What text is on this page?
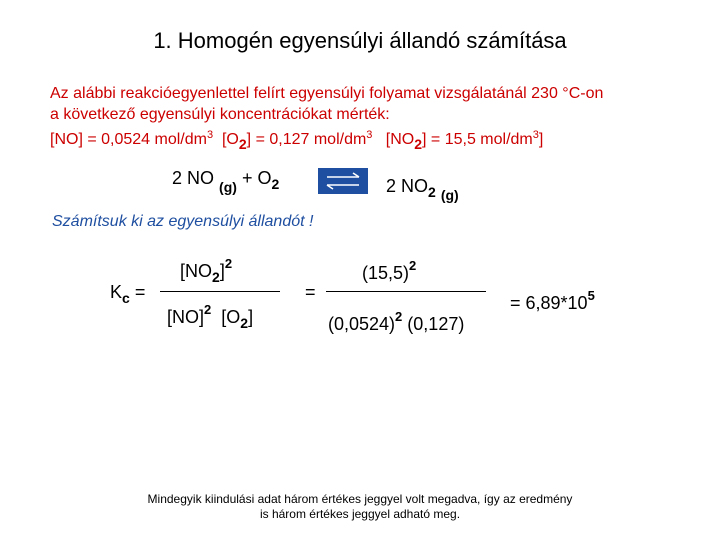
1. Homogén egyensúlyi állandó számítása
Az alábbi reakcióegyenlettel felírt egyensúlyi folyamat vizsgálatánál 230 °C-on
a következő egyensúlyi koncentrációkat mérték:
[NO] = 0,0524 mol/$dm^3$ [O2] = 0,127 mol/$dm^3$ [NO2] = 15,5 mol/$dm^3$]
2 NO $_{(g)} + O_2$	2 $NO_2$ $_{(g)}$
Számítsuk ki az egyensúlyi állandót !
$K_c$ =
$[NO_2]^2$
[NO]$^2$ $[O_2]$
=
$(15,5)^2$
$(0,0524)^2$ (0,127)
= $6,89*10^5$
Mindegyik kiindulási adat három értékes jeggyel volt megadva, így az eredmény
is három értékes jeggyel adható meg.
